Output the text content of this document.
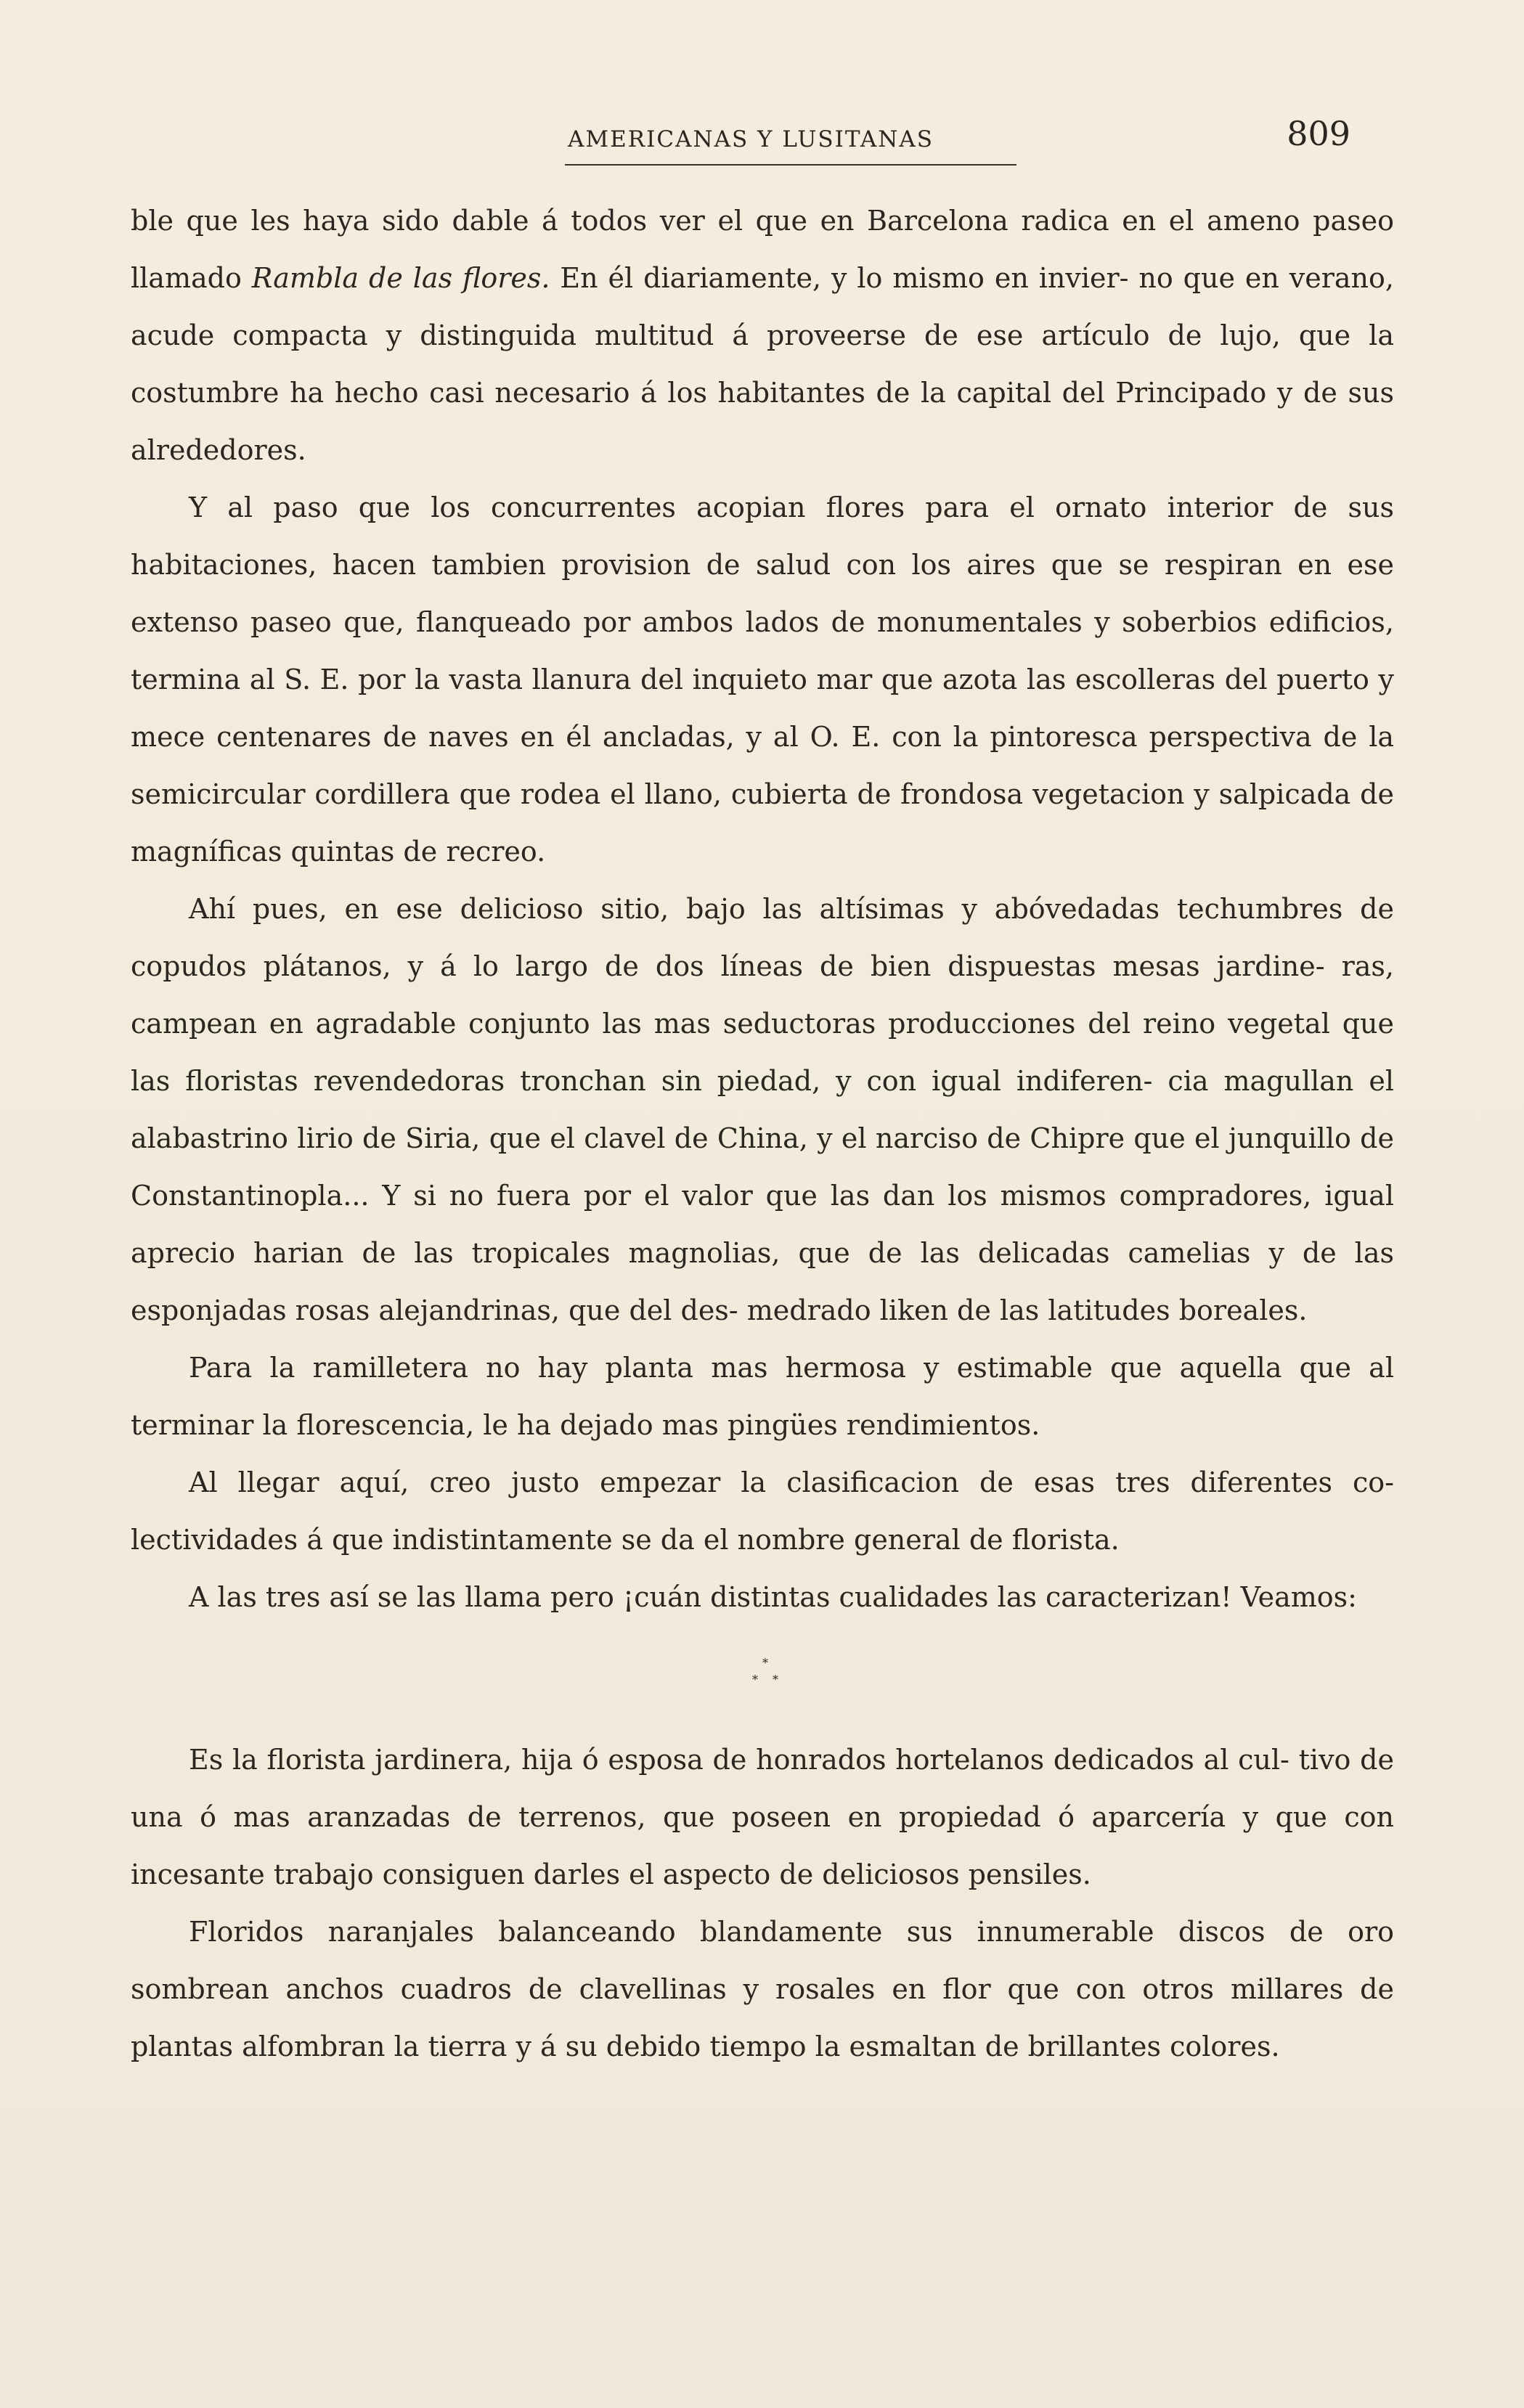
AMERICANAS Y LUSITANAS	809

ble que les haya sido dable á todos ver el que en Barcelona radica en el ameno paseo llamado Rambla de las flores. En él diariamente, y lo mismo en invier- no que en verano, acude compacta y distinguida multitud á proveerse de ese artículo de lujo, que la costumbre ha hecho casi necesario á los habitantes de la capital del Principado y de sus alrededores.

Y al paso que los concurrentes acopian flores para el ornato interior de sus habitaciones, hacen tambien provision de salud con los aires que se respiran en ese extenso paseo que, flanqueado por ambos lados de monumentales y soberbios edificios, termina al S. E. por la vasta llanura del inquieto mar que azota las escolleras del puerto y mece centenares de naves en él ancladas, y al O. E. con la pintoresca perspectiva de la semicircular cordillera que rodea el llano, cubierta de frondosa vegetacion y salpicada de magníficas quintas de recreo.

Ahí pues, en ese delicioso sitio, bajo las altísimas y abóvedadas techumbres de copudos plátanos, y á lo largo de dos líneas de bien dispuestas mesas jardine- ras, campean en agradable conjunto las mas seductoras producciones del reino vegetal que las floristas revendedoras tronchan sin piedad, y con igual indiferen- cia magullan el alabastrino lirio de Siria, que el clavel de China, y el narciso de Chipre que el junquillo de Constantinopla... Y si no fuera por el valor que las dan los mismos compradores, igual aprecio harian de las tropicales magnolias, que de las delicadas camelias y de las esponjadas rosas alejandrinas, que del des- medrado liken de las latitudes boreales.

Para la ramilletera no hay planta mas hermosa y estimable que aquella que al terminar la florescencia, le ha dejado mas pingües rendimientos.

Al llegar aquí, creo justo empezar la clasificacion de esas tres diferentes co- lectividades á que indistintamente se da el nombre general de florista.

A las tres así se las llama pero ¡cuán distintas cualidades las caracterizan! Veamos:

*
* *

Es la florista jardinera, hija ó esposa de honrados hortelanos dedicados al cul- tivo de una ó mas aranzadas de terrenos, que poseen en propiedad ó aparcería y que con incesante trabajo consiguen darles el aspecto de deliciosos pensiles.

Floridos naranjales balanceando blandamente sus innumerable discos de oro sombrean anchos cuadros de clavellinas y rosales en flor que con otros millares de plantas alfombran la tierra y á su debido tiempo la esmaltan de brillantes colores.
